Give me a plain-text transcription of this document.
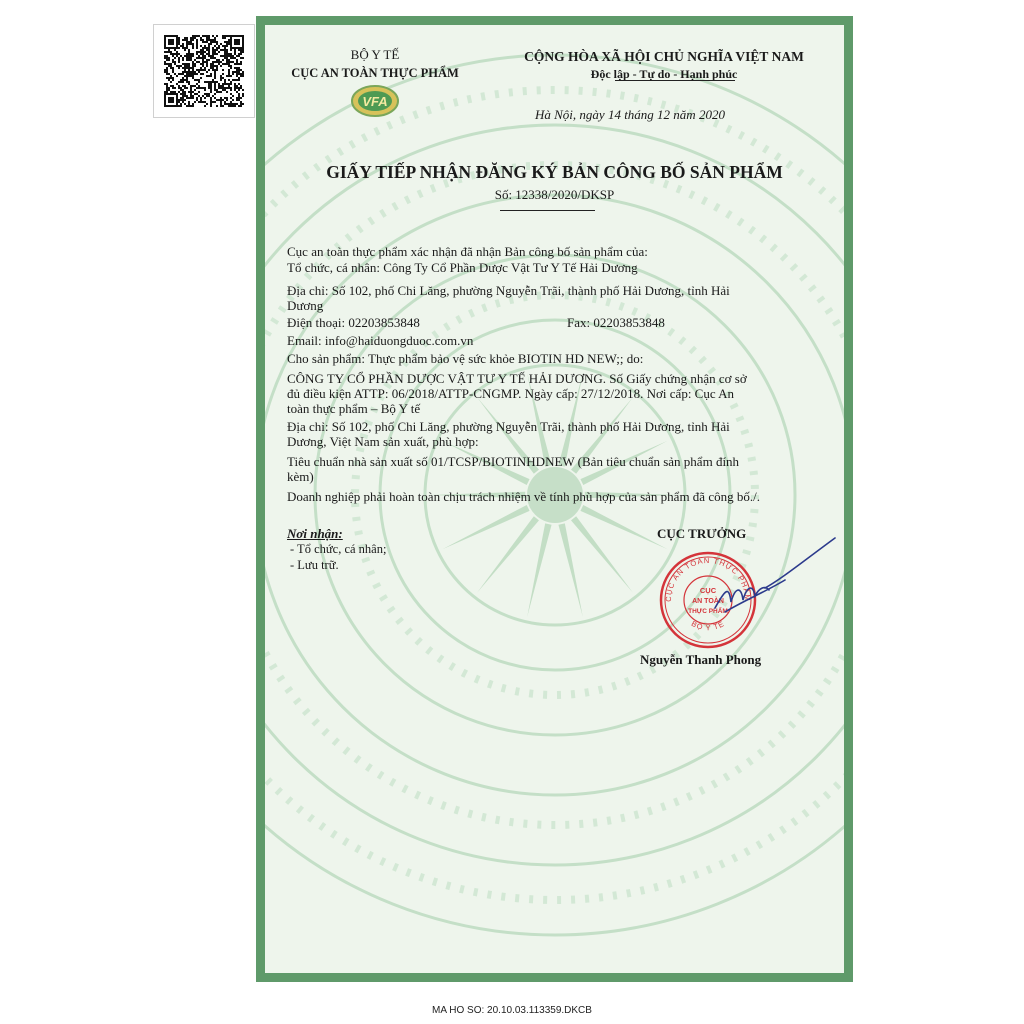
BỘ Y TẾ
CỤC AN TOÀN THỰC PHẨM
VFA
CỘNG HÒA XÃ HỘI CHỦ NGHĨA VIỆT NAM
Độc lập - Tự do - Hạnh phúc
Hà Nội, ngày 14 tháng 12 năm 2020
GIẤY TIẾP NHẬN ĐĂNG KÝ BẢN CÔNG BỐ SẢN PHẨM
Số: 12338/2020/DKSP
Cục an toàn thực phẩm xác nhận đã nhận Bản công bố sản phẩm của:
Tổ chức, cá nhân: Công Ty Cổ Phần Dược Vật Tư Y Tế Hải Dương
Địa chỉ: Số 102, phố Chi Lăng, phường Nguyễn Trãi, thành phố Hải Dương, tỉnh Hải
Dương
Điện thoại: 02203853848	Fax: 02203853848
Email: info@haiduongduoc.com.vn
Cho sản phẩm: Thực phẩm bảo vệ sức khỏe BIOTIN HD NEW;; do:
CÔNG TY CỔ PHẦN DƯỢC VẬT TƯ Y TẾ HẢI DƯƠNG. Số Giấy chứng nhận cơ sở
đủ điều kiện ATTP: 06/2018/ATTP-CNGMP. Ngày cấp: 27/12/2018. Nơi cấp: Cục An
toàn thực phẩm – Bộ Y tế
Địa chỉ: Số 102, phố Chi Lăng, phường Nguyễn Trãi, thành phố Hải Dương, tỉnh Hải
Dương, Việt Nam sản xuất, phù hợp:
Tiêu chuẩn nhà sản xuất số 01/TCSP/BIOTINHDNEW (Bản tiêu chuẩn sản phẩm đính
kèm)
Doanh nghiệp phải hoàn toàn chịu trách nhiệm về tính phù hợp của sản phẩm đã công bố./.
Nơi nhận:
- Tổ chức, cá nhân;
- Lưu trữ.
CỤC TRƯỞNG
CỤC AN TOÀN THỰC PHẨM
BỘ Y TẾ
CỤC
AN TOÀN
THỰC PHẨM
Nguyễn Thanh Phong
MA HO SO: 20.10.03.113359.DKCB
